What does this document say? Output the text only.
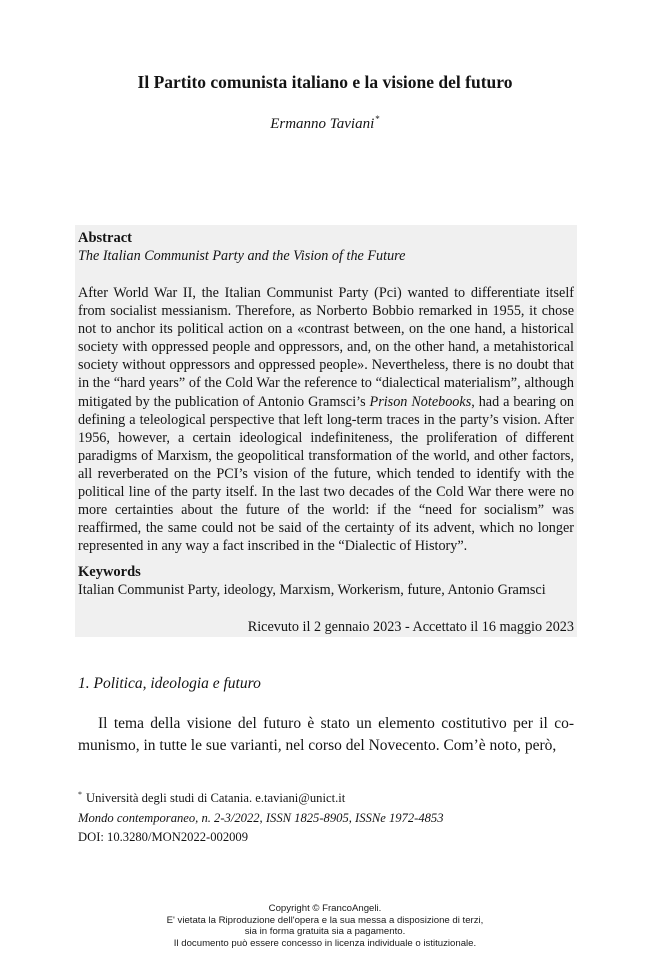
Il Partito comunista italiano e la visione del futuro
Ermanno Taviani*

Abstract

The Italian Communist Party and the Vision of the Future

After World War II, the Italian Communist Party (Pci) wanted to differentiate itself from socialist messianism. Therefore, as Norberto Bobbio remarked in 1955, it chose not to anchor its political action on a «contrast between, on the one hand, a historical society with oppressed people and oppressors, and, on the other hand, a metahistorical society without oppressors and oppressed people». Nevertheless, there is no doubt that in the “hard years” of the Cold War the reference to “dialectical materialism”, although mitigated by the publication of Antonio Gramsci’s Prison Notebooks, had a bearing on defining a teleological perspective that left long-term traces in the party’s vision. After 1956, however, a certain ideological indefiniteness, the proliferation of different paradigms of Marxism, the geopolitical transformation of the world, and other factors, all reverberated on the PCI’s vision of the future, which tended to identify with the political line of the party itself. In the last two decades of the Cold War there were no more certainties about the future of the world: if the “need for socialism” was reaffirmed, the same could not be said of the certainty of its advent, which no longer represented in any way a fact inscribed in the “Dialectic of History”.

Keywords

Italian Communist Party, ideology, Marxism, Workerism, future, Antonio Gramsci

Ricevuto il 2 gennaio 2023 - Accettato il 16 maggio 2023
1. Politica, ideologia e futuro

Il tema della visione del futuro è stato un elemento costitutivo per il comunismo, in tutte le sue varianti, nel corso del Novecento. Com’è noto, però,

* Università degli studi di Catania. e.taviani@unict.it
Mondo contemporaneo, n. 2-3/2022, ISSN 1825-8905, ISSNe 1972-4853
DOI: 10.3280/MON2022-002009
Copyright © FrancoAngeli.
E' vietata la Riproduzione dell'opera e la sua messa a disposizione di terzi,
sia in forma gratuita sia a pagamento.
Il documento può essere concesso in licenza individuale o istituzionale.
